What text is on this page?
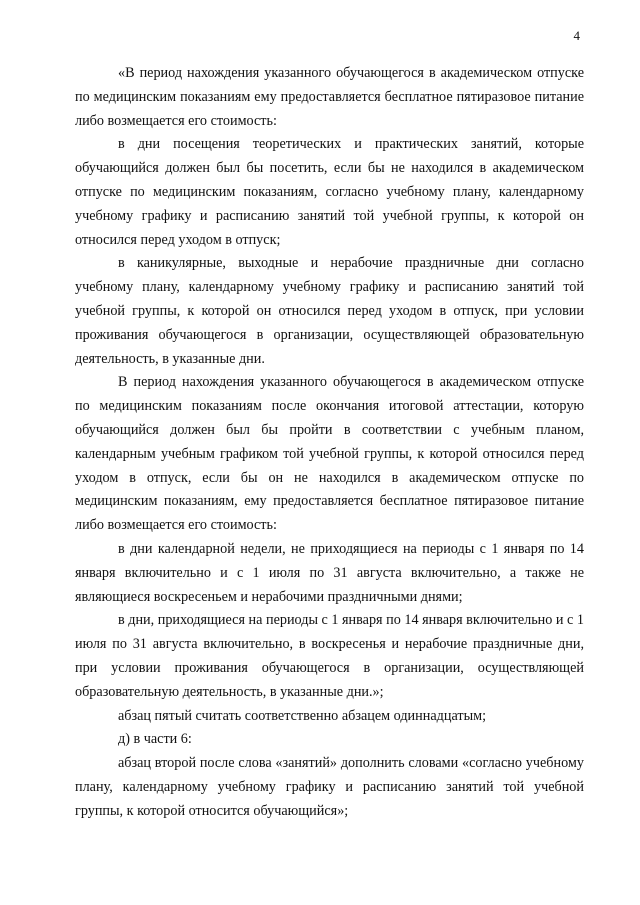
4

«В период нахождения указанного обучающегося в академическом отпуске по медицинским показаниям ему предоставляется бесплатное пятиразовое питание либо возмещается его стоимость:

в дни посещения теоретических и практических занятий, которые обучающийся должен был бы посетить, если бы не находился в академическом отпуске по медицинским показаниям, согласно учебному плану, календарному учебному графику и расписанию занятий той учебной группы, к которой он относился перед уходом в отпуск;

в каникулярные, выходные и нерабочие праздничные дни согласно учебному плану, календарному учебному графику и расписанию занятий той учебной группы, к которой он относился перед уходом в отпуск, при условии проживания обучающегося в организации, осуществляющей образовательную деятельность, в указанные дни.

В период нахождения указанного обучающегося в академическом отпуске по медицинским показаниям после окончания итоговой аттестации, которую обучающийся должен был бы пройти в соответствии с учебным планом, календарным учебным графиком той учебной группы, к которой относился перед уходом в отпуск, если бы он не находился в академическом отпуске по медицинским показаниям, ему предоставляется бесплатное пятиразовое питание либо возмещается его стоимость:

в дни календарной недели, не приходящиеся на периоды с 1 января по 14 января включительно и с 1 июля по 31 августа включительно, а также не являющиеся воскресеньем и нерабочими праздничными днями;

в дни, приходящиеся на периоды с 1 января по 14 января включительно и с 1 июля по 31 августа включительно, в воскресенья и нерабочие праздничные дни, при условии проживания обучающегося в организации, осуществляющей образовательную деятельность, в указанные дни.»;

абзац пятый считать соответственно абзацем одиннадцатым;

д) в части 6:

абзац второй после слова «занятий» дополнить словами «согласно учебному плану, календарному учебному графику и расписанию занятий той учебной группы, к которой относится обучающийся»;
